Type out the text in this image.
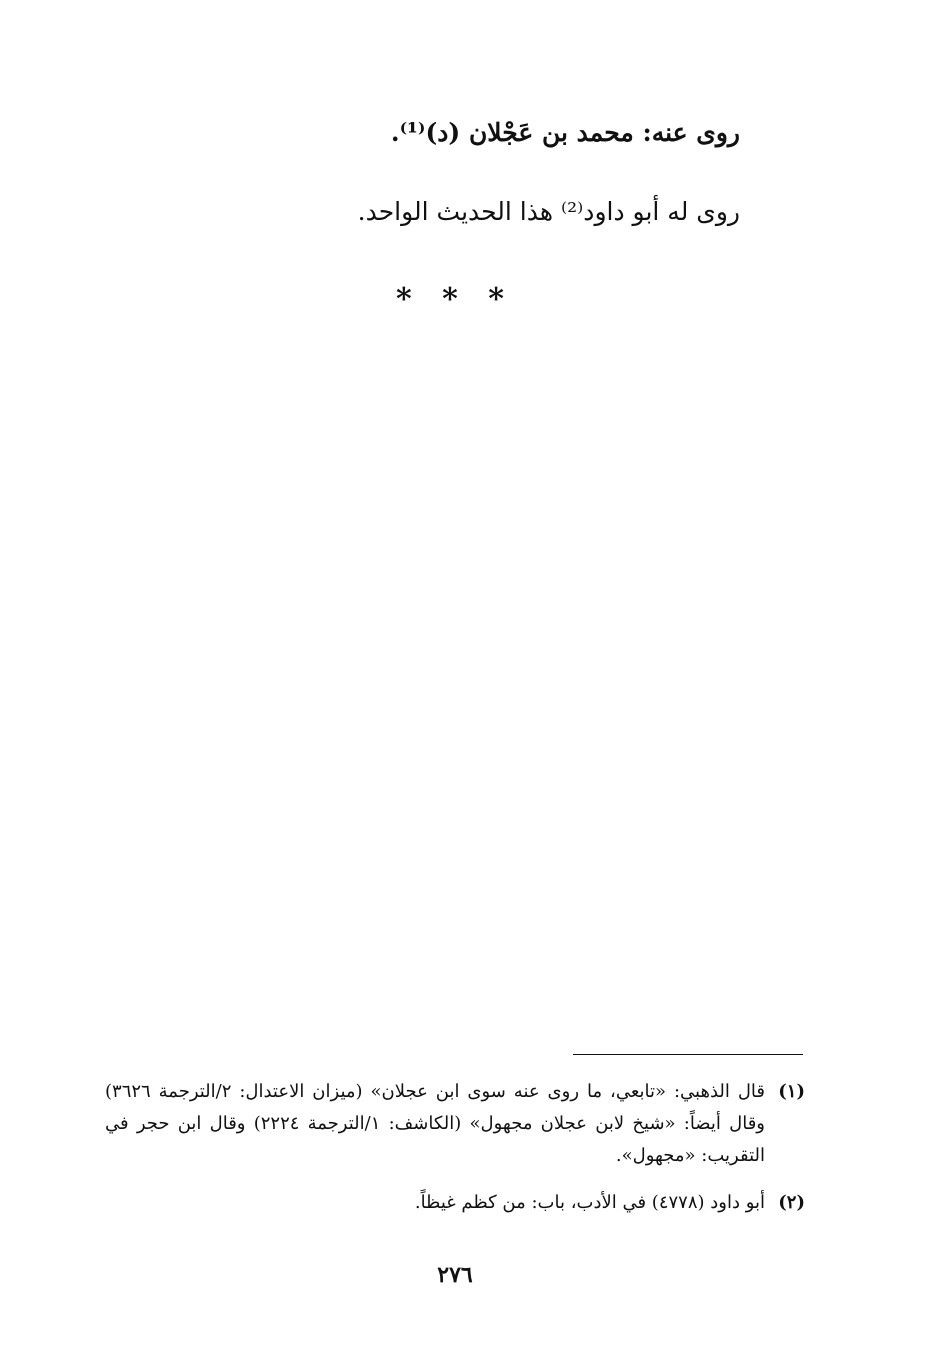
روى عنه: محمد بن عَجْلان (د)⁽¹⁾.
روى له أبو داود⁽²⁾ هذا الحديث الواحد.
* * *
(١)
قال الذهبي: «تابعي، ما روى عنه سوى ابن عجلان» (ميزان الاعتدال: ٢/الترجمة ٣٦٢٦) وقال أيضاً: «شيخ لابن عجلان مجهول» (الكاشف: ١/الترجمة ٢٢٢٤) وقال ابن حجر في التقريب: «مجهول».
(٢)
أبو داود (٤٧٧٨) في الأدب، باب: من كظم غيظاً.
٢٧٦
